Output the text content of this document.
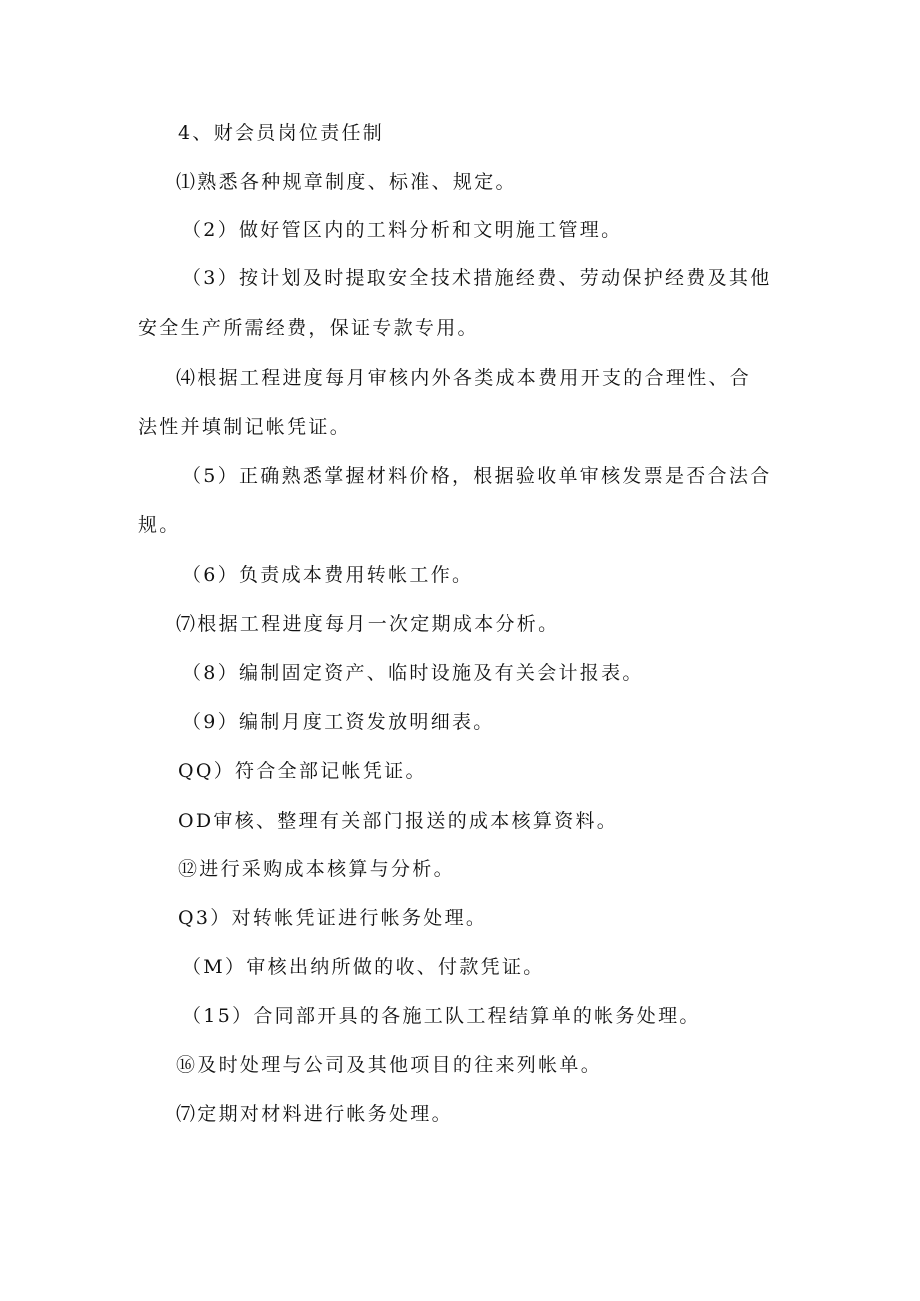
4、财会员岗位责任制
⑴熟悉各种规章制度、标准、规定。
（2）做好管区内的工料分析和文明施工管理。
（3）按计划及时提取安全技术措施经费、劳动保护经费及其他
安全生产所需经费，保证专款专用。
⑷根据工程进度每月审核内外各类成本费用开支的合理性、合
法性并填制记帐凭证。
（5）正确熟悉掌握材料价格，根据验收单审核发票是否合法合
规。
（6）负责成本费用转帐工作。
⑺根据工程进度每月一次定期成本分析。
（8）编制固定资产、临时设施及有关会计报表。
（9）编制月度工资发放明细表。
QQ）符合全部记帐凭证。
OD审核、整理有关部门报送的成本核算资料。
⑫进行采购成本核算与分析。
Q3）对转帐凭证进行帐务处理。
（M）审核出纳所做的收、付款凭证。
（15）合同部开具的各施工队工程结算单的帐务处理。
⑯及时处理与公司及其他项目的往来列帐单。
⑺定期对材料进行帐务处理。
